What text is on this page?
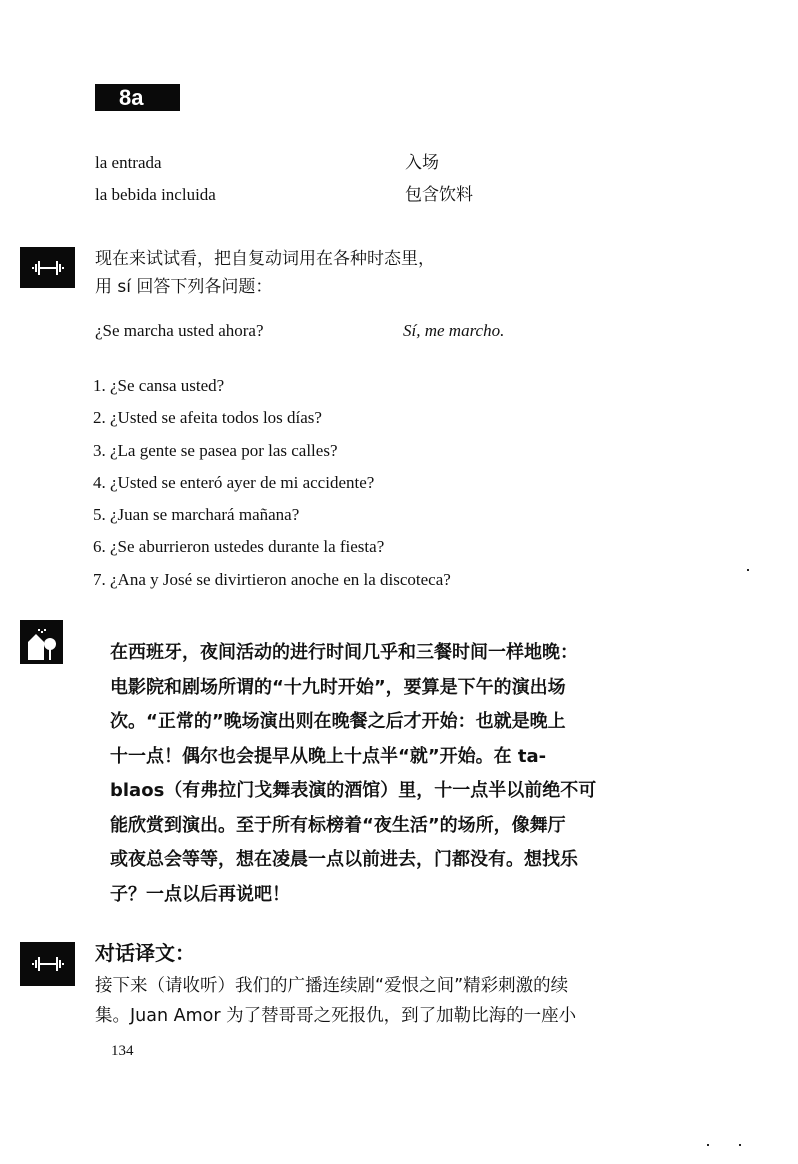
8a
la entrada	入场
la bebida incluida	包含饮料
现在来试试看，把自复动词用在各种时态里，
用 sí 回答下列各问题：
¿Se marcha usted ahora?	Sí, me marcho.
1. ¿Se cansa usted?
2. ¿Usted se afeita todos los días?
3. ¿La gente se pasea por las calles?
4. ¿Usted se enteró ayer de mi accidente?
5. ¿Juan se marchará mañana?
6. ¿Se aburrieron ustedes durante la fiesta?
7. ¿Ana y José se divirtieron anoche en la discoteca?

在西班牙，夜间活动的进行时间几乎和三餐时间一样地晚：

电影院和剧场所谓的“十九时开始”，要算是下午的演出场

次。“正常的”晚场演出则在晚餐之后才开始：也就是晚上

十一点！偶尔也会提早从晚上十点半“就”开始。在 ta-

blaos（有弗拉门戈舞表演的酒馆）里，十一点半以前绝不可

能欣赏到演出。至于所有标榜着“夜生活”的场所，像舞厅

或夜总会等等，想在凌晨一点以前进去，门都没有。想找乐

子？一点以后再说吧！

对话译文：

接下来（请收听）我们的广播连续剧“爱恨之间”精彩刺激的续

集。Juan Amor 为了替哥哥之死报仇，到了加勒比海的一座小

134
